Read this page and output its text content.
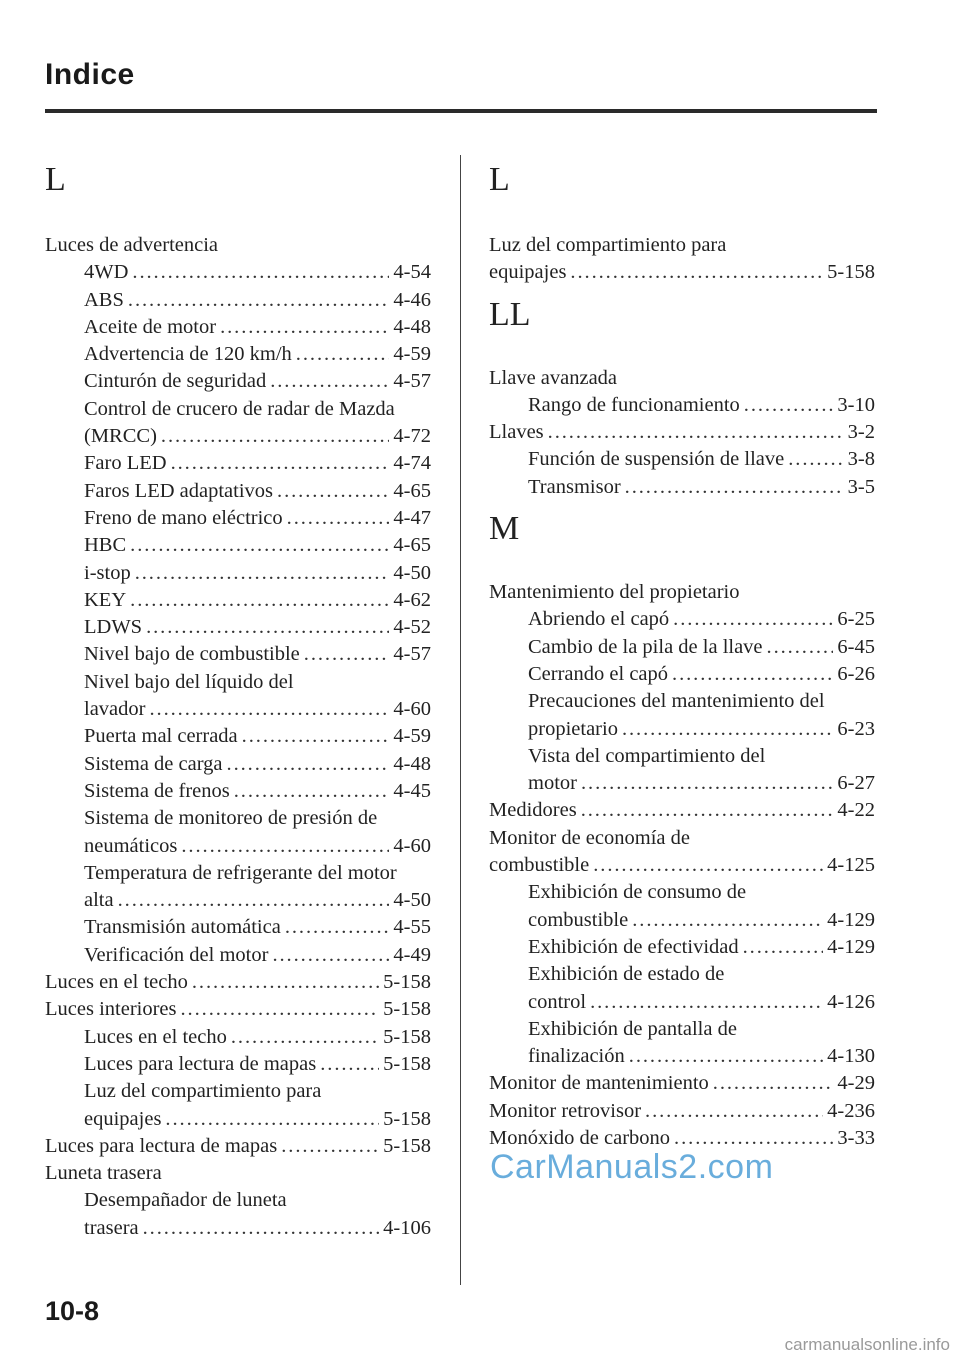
Indice
L
Luces de advertencia
4WD . . .	4-54
ABS . . .	4-46
Aceite de motor . . .	4-48
Advertencia de 120 km/h . . .	4-59
Cinturón de seguridad . . .	4-57
Control de crucero de radar de Mazda
(MRCC) . . .	4-72
Faro LED . . .	4-74
Faros LED adaptativos . . .	4-65
Freno de mano eléctrico . . .	4-47
HBC . . .	4-65
i-stop . . .	4-50
KEY . . .	4-62
LDWS . . .	4-52
Nivel bajo de combustible . . .	4-57
Nivel bajo del líquido del
lavador . . .	4-60
Puerta mal cerrada . . .	4-59
Sistema de carga . . .	4-48
Sistema de frenos . . .	4-45
Sistema de monitoreo de presión de
neumáticos . . .	4-60
Temperatura de refrigerante del motor
alta . . .	4-50
Transmisión automática . . .	4-55
Verificación del motor . . .	4-49
Luces en el techo . . .	5-158
Luces interiores . . .	5-158
Luces en el techo . . .	5-158
Luces para lectura de mapas . . .	5-158
Luz del compartimiento para
equipajes . . .	5-158
Luces para lectura de mapas . . .	5-158
Luneta trasera
Desempañador de luneta
trasera . . .	4-106
L
Luz del compartimiento para
equipajes . . .	5-158
LL
Llave avanzada
Rango de funcionamiento . . .	3-10
Llaves . . .	3-2
Función de suspensión de llave . . .	3-8
Transmisor . . .	3-5
M
Mantenimiento del propietario
Abriendo el capó . . .	6-25
Cambio de la pila de la llave . . .	6-45
Cerrando el capó . . .	6-26
Precauciones del mantenimiento del
propietario . . .	6-23
Vista del compartimiento del
motor . . .	6-27
Medidores . . .	4-22
Monitor de economía de
combustible . . .	4-125
Exhibición de consumo de
combustible . . .	4-129
Exhibición de efectividad . . .	4-129
Exhibición de estado de
control . . .	4-126
Exhibición de pantalla de
finalización . . .	4-130
Monitor de mantenimiento . . .	4-29
Monitor retrovisor . . .	4-236
Monóxido de carbono . . .	3-33
CarManuals2.com
10-8
carmanualsonline.info
